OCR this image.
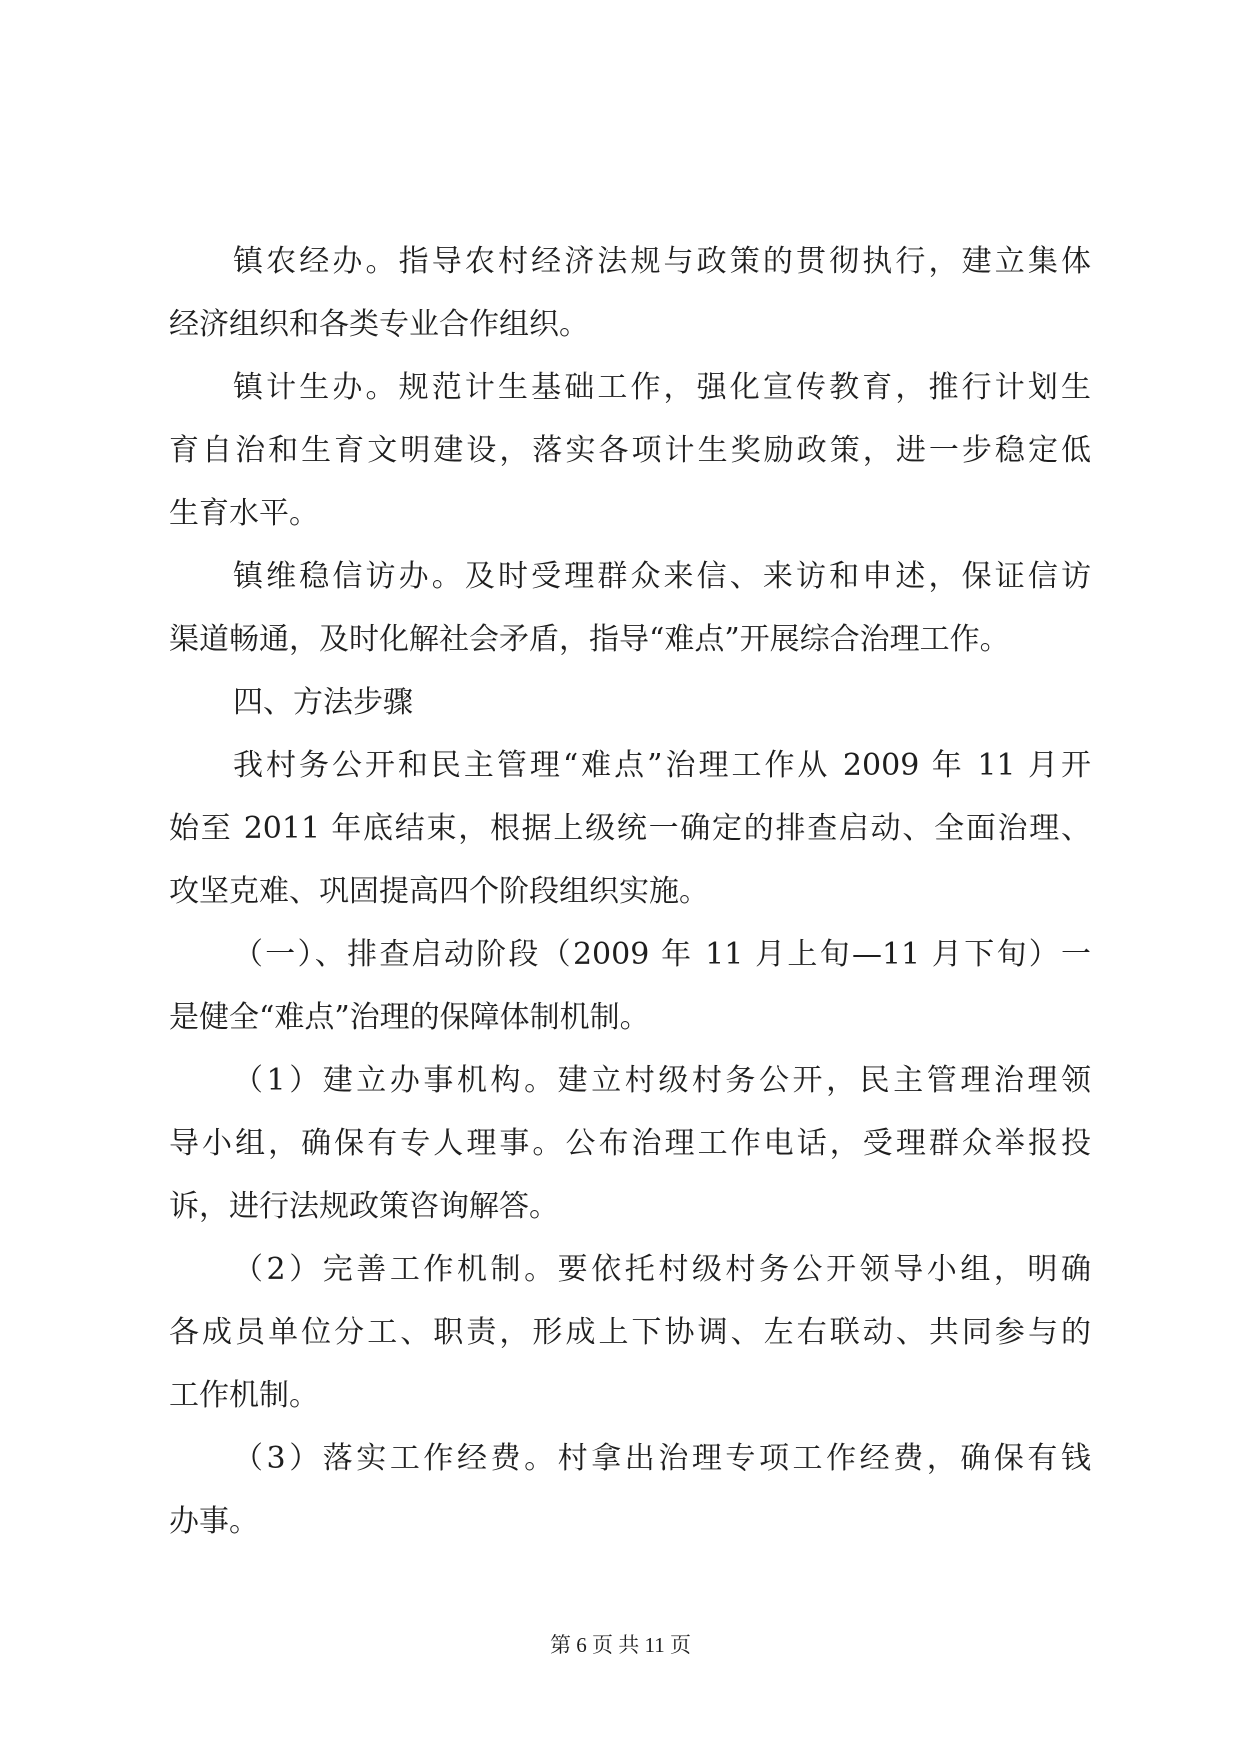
镇农经办。指导农村经济法规与政策的贯彻执行，建立集体
经济组织和各类专业合作组织。
镇计生办。规范计生基础工作，强化宣传教育，推行计划生
育自治和生育文明建设，落实各项计生奖励政策，进一步稳定低
生育水平。
镇维稳信访办。及时受理群众来信、来访和申述，保证信访
渠道畅通，及时化解社会矛盾，指导“难点”开展综合治理工作。
四、方法步骤
我村务公开和民主管理“难点”治理工作从 2009 年 11 月开
始至 2011 年底结束，根据上级统一确定的排查启动、全面治理、
攻坚克难、巩固提高四个阶段组织实施。
（一）、排查启动阶段（2009 年 11 月上旬—11 月下旬）一
是健全“难点”治理的保障体制机制。
（1）建立办事机构。建立村级村务公开，民主管理治理领
导小组，确保有专人理事。公布治理工作电话，受理群众举报投
诉，进行法规政策咨询解答。
（2）完善工作机制。要依托村级村务公开领导小组，明确
各成员单位分工、职责，形成上下协调、左右联动、共同参与的
工作机制。
（3）落实工作经费。村拿出治理专项工作经费，确保有钱
办事。
第 6 页 共 11 页
